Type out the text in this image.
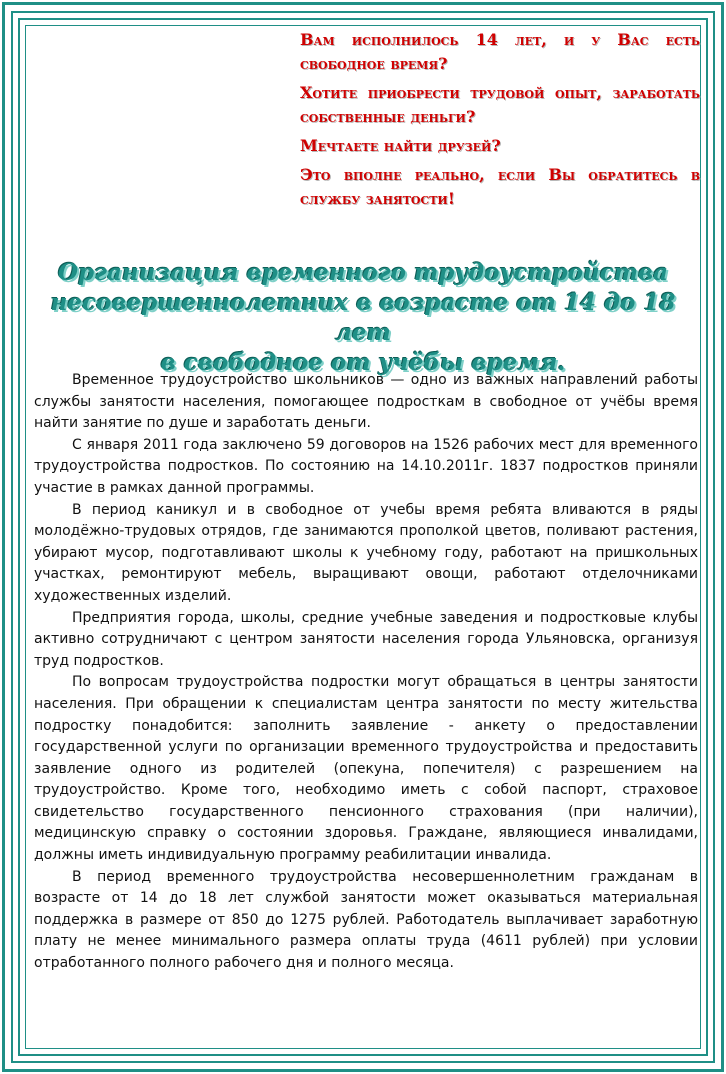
Вам исполнилось 14 лет, и у Вас есть свободное время?

Хотите приобрести трудовой опыт, заработать собственные деньги?

Мечтаете найти друзей?

Это вполне реально, если Вы обратитесь в службу занятости!

Организация временного трудоустройства
несовершеннолетних в возрасте от 14 до 18 лет
в свободное от учёбы время.

Временное трудоустройство школьников — одно из важных направлений работы службы занятости населения, помогающее подросткам в свободное от учёбы время найти занятие по душе и заработать деньги.

С января 2011 года заключено 59 договоров на 1526 рабочих мест для временного трудоустройства подростков. По состоянию на 14.10.2011г. 1837 подростков приняли участие в рамках данной программы.

В период каникул и в свободное от учебы время ребята вливаются в ряды молодёжно-трудовых отрядов, где занимаются прополкой цветов, поливают растения, убирают мусор, подготавливают школы к учебному году, работают на пришкольных участках, ремонтируют мебель, выращивают овощи, работают отделочниками художественных изделий.

Предприятия города, школы, средние учебные заведения и подростковые клубы активно сотрудничают с центром занятости населения города Ульяновска, организуя труд подростков.

По вопросам трудоустройства подростки могут обращаться в центры занятости населения. При обращении к специалистам центра занятости по месту жительства подростку понадобится: заполнить заявление - анкету о предоставлении государственной услуги по организации временного трудоустройства и предоставить заявление одного из родителей (опекуна, попечителя) с разрешением на трудоустройство. Кроме того, необходимо иметь с собой паспорт, страховое свидетельство государственного пенсионного страхования (при наличии), медицинскую справку о состоянии здоровья. Граждане, являющиеся инвалидами, должны иметь индивидуальную программу реабилитации инвалида.

В период временного трудоустройства несовершеннолетним гражданам в возрасте от 14 до 18 лет службой занятости может оказываться материальная поддержка в размере от 850 до 1275 рублей. Работодатель выплачивает заработную плату не менее минимального размера оплаты труда (4611 рублей) при условии отработанного полного рабочего дня и полного месяца.
